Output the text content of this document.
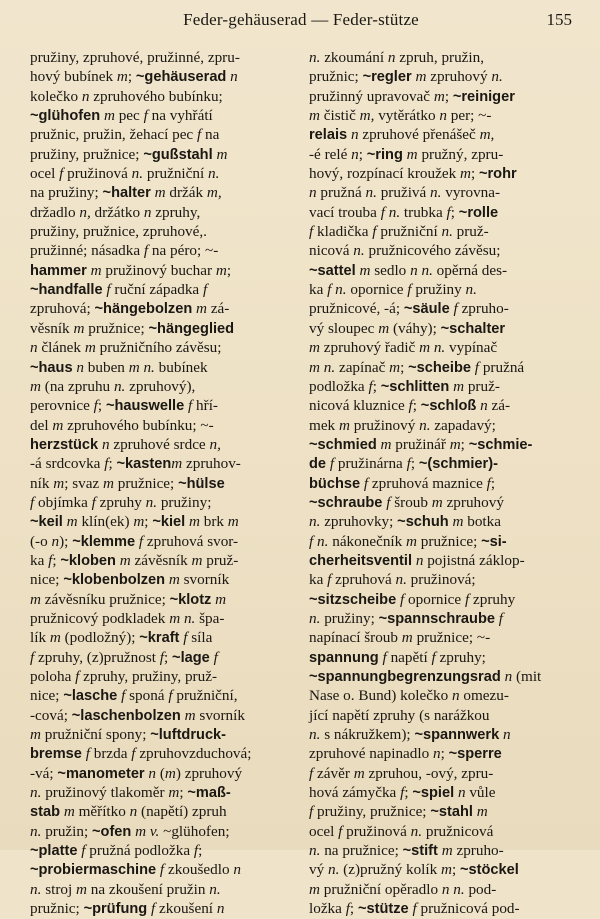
Feder-gehäuserad — Feder-stütze	155
pružiny, zpruhové, pružinné, zpru-
hový bubínek m; ~gehäuserad n
kolečko n zpruhového bubínku;
~glühofen m pec f na vyhřátí
pružnic, pružin, žehací pec f na
pružiny, pružnice; ~gußstahl m
ocel f pružinová n. pružniční n.
na pružiny; ~halter m držák m,
držadlo n, držátko n zpruhy,
pružiny, pružnice, zpruhové,.
pružinné; násadka f na péro; ~-
hammer m pružinový buchar m;
~handfalle f ruční západka f
zpruhová; ~hängebolzen m zá-
věsník m pružnice; ~hängeglied
n článek m pružničního závěsu;
~haus n buben m n. bubínek
m (na zpruhu n. zpruhový),
perovnice f; ~hauswelle f hří-
del m zpruhového bubínku; ~-
herzstück n zpruhové srdce n,
-á srdcovka f; ~kastenm zpruhov-
ník m; svaz m pružnice; ~hülse
f objímka f zpruhy n. pružiny;
~keil m klín(ek) m; ~kiel m brk m
(-o n); ~klemme f zpruhová svor-
ka f; ~kloben m závěsník m pruž-
nice; ~klobenbolzen m svorník
m závěsníku pružnice; ~klotz m
pružnicový podkladek m n. špa-
lík m (podložný); ~kraft f síla
f zpruhy, (z)pružnost f; ~lage f
poloha f zpruhy, pružiny, pruž-
nice; ~lasche f sponá f pružniční,
-cová; ~laschenbolzen m svorník
m pružniční spony; ~luftdruck-
bremse f brzda f zpruhovzduchová;
-vá; ~manometer n (m) zpruhový
n. pružinový tlakoměr m; ~maß-
stab m měřítko n (napětí) zpruh
n. pružin; ~ofen m v. ~glühofen;
~platte f pružná podložka f;
~probiermaschine f zkoušedlo n
n. stroj m na zkoušení pružin n.
pružnic; ~prüfung f zkoušení n
n. zkoumání n zpruh, pružin,
pružnic; ~regler m zpruhový n.
pružinný upravovač m; ~reiniger
m čistič m, vytěrátko n per; ~-
relais n zpruhové přenášeč m,
-é relé n; ~ring m pružný, zpru-
hový, rozpínací kroužek m; ~rohr
n pružná n. pruživá n. vyrovna-
vací trouba f n. trubka f; ~rolle
f kladička f pružniční n. pruž-
nicová n. pružnicového závěsu;
~sattel m sedlo n n. opěrná des-
ka f n. opornice f pružiny n.
pružnicové, -á; ~säule f zpruho-
vý sloupec m (váhy); ~schalter
m zpruhový řadič m n. vypínač
m n. zapínač m; ~scheibe f pružná
podložka f; ~schlitten m pruž-
nicová kluznice f; ~schloß n zá-
mek m pružinový n. zapadavý;
~schmied m pružinář m; ~schmie-
de f pružinárna f; ~(schmier)-
büchse f zpruhová maznice f;
~schraube f šroub m zpruhový
n. zpruhovky; ~schuh m botka
f n. nákonečník m pružnice; ~si-
cherheitsventil n pojistná záklop-
ka f zpruhová n. pružinová;
~sitzscheibe f opornice f zpruhy
n. pružiny; ~spannschraube f
napínací šroub m pružnice; ~-
spannung f napětí f zpruhy;
~spannungbegrenzungsrad n (mit
Nase o. Bund) kolečko n omezu-
jící napětí zpruhy (s narážkou
n. s nákružkem); ~spannwerk n
zpruhové napinadlo n; ~sperre
f závěr m zpruhou, -ový, zpru-
hová zámyčka f; ~spiel n vůle
f pružiny, pružnice; ~stahl m
ocel f pružinová n. pružnicová
n. na pružnice; ~stift m zpruho-
vý n. (z)pružný kolík m; ~stöckel
m pružniční opěradlo n n. pod-
ložka f; ~stütze f pružnicová pod-
